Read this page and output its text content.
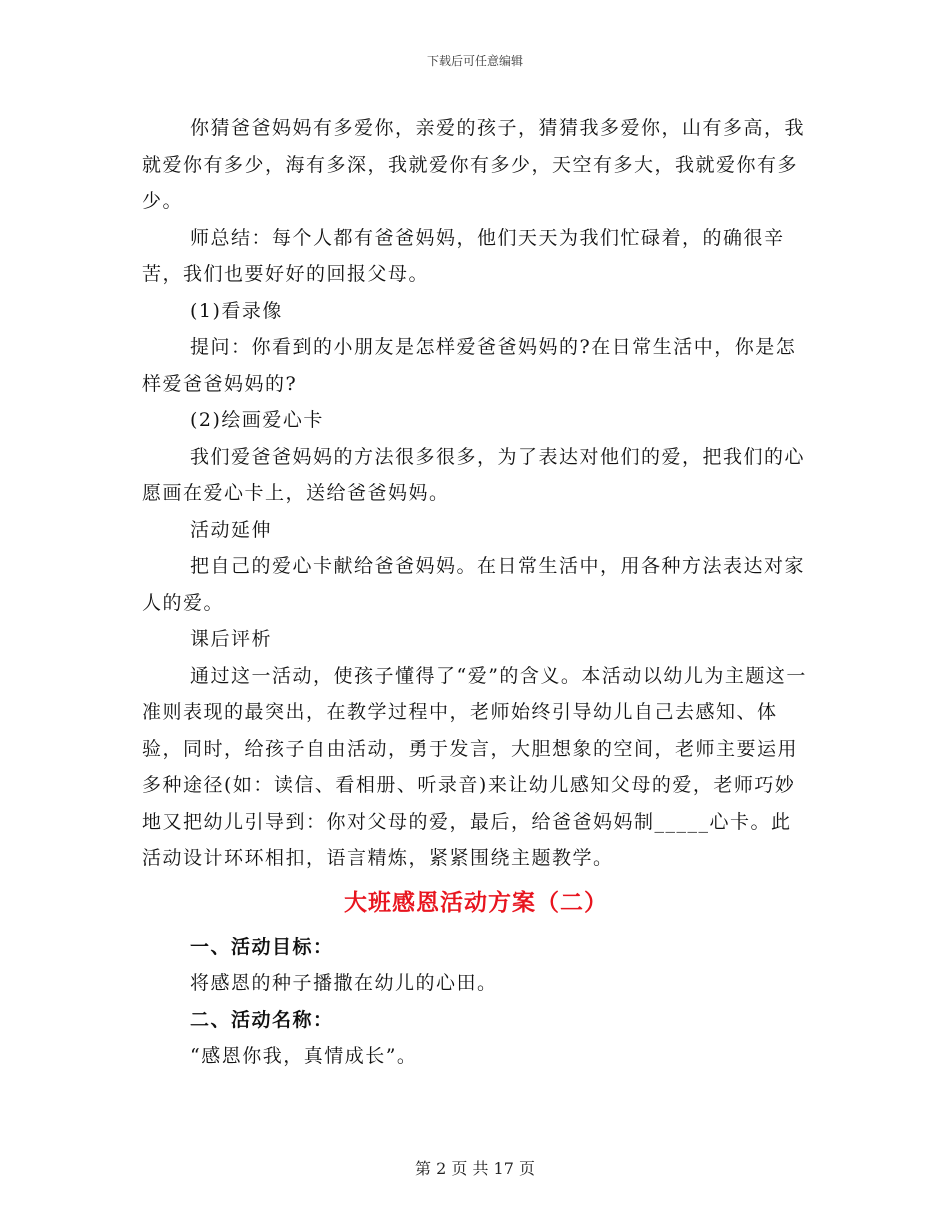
下载后可任意编辑

你猜爸爸妈妈有多爱你，亲爱的孩子，猜猜我多爱你，山有多高，我就爱你有多少，海有多深，我就爱你有多少，天空有多大，我就爱你有多少。

师总结：每个人都有爸爸妈妈，他们天天为我们忙碌着，的确很辛苦，我们也要好好的回报父母。

(1)看录像

提问：你看到的小朋友是怎样爱爸爸妈妈的?在日常生活中，你是怎样爱爸爸妈妈的?

(2)绘画爱心卡

我们爱爸爸妈妈的方法很多很多，为了表达对他们的爱，把我们的心愿画在爱心卡上，送给爸爸妈妈。

活动延伸

把自己的爱心卡献给爸爸妈妈。在日常生活中，用各种方法表达对家人的爱。

课后评析

通过这一活动，使孩子懂得了“爱”的含义。本活动以幼儿为主题这一准则表现的最突出，在教学过程中，老师始终引导幼儿自己去感知、体验，同时，给孩子自由活动，勇于发言，大胆想象的空间，老师主要运用多种途径(如：读信、看相册、听录音)来让幼儿感知父母的爱，老师巧妙地又把幼儿引导到：你对父母的爱，最后，给爸爸妈妈制_____心卡。此活动设计环环相扣，语言精炼，紧紧围绕主题教学。

大班感恩活动方案（二）

一、活动目标：

将感恩的种子播撒在幼儿的心田。

二、活动名称：

“感恩你我，真情成长”。

第 2 页 共 17 页
